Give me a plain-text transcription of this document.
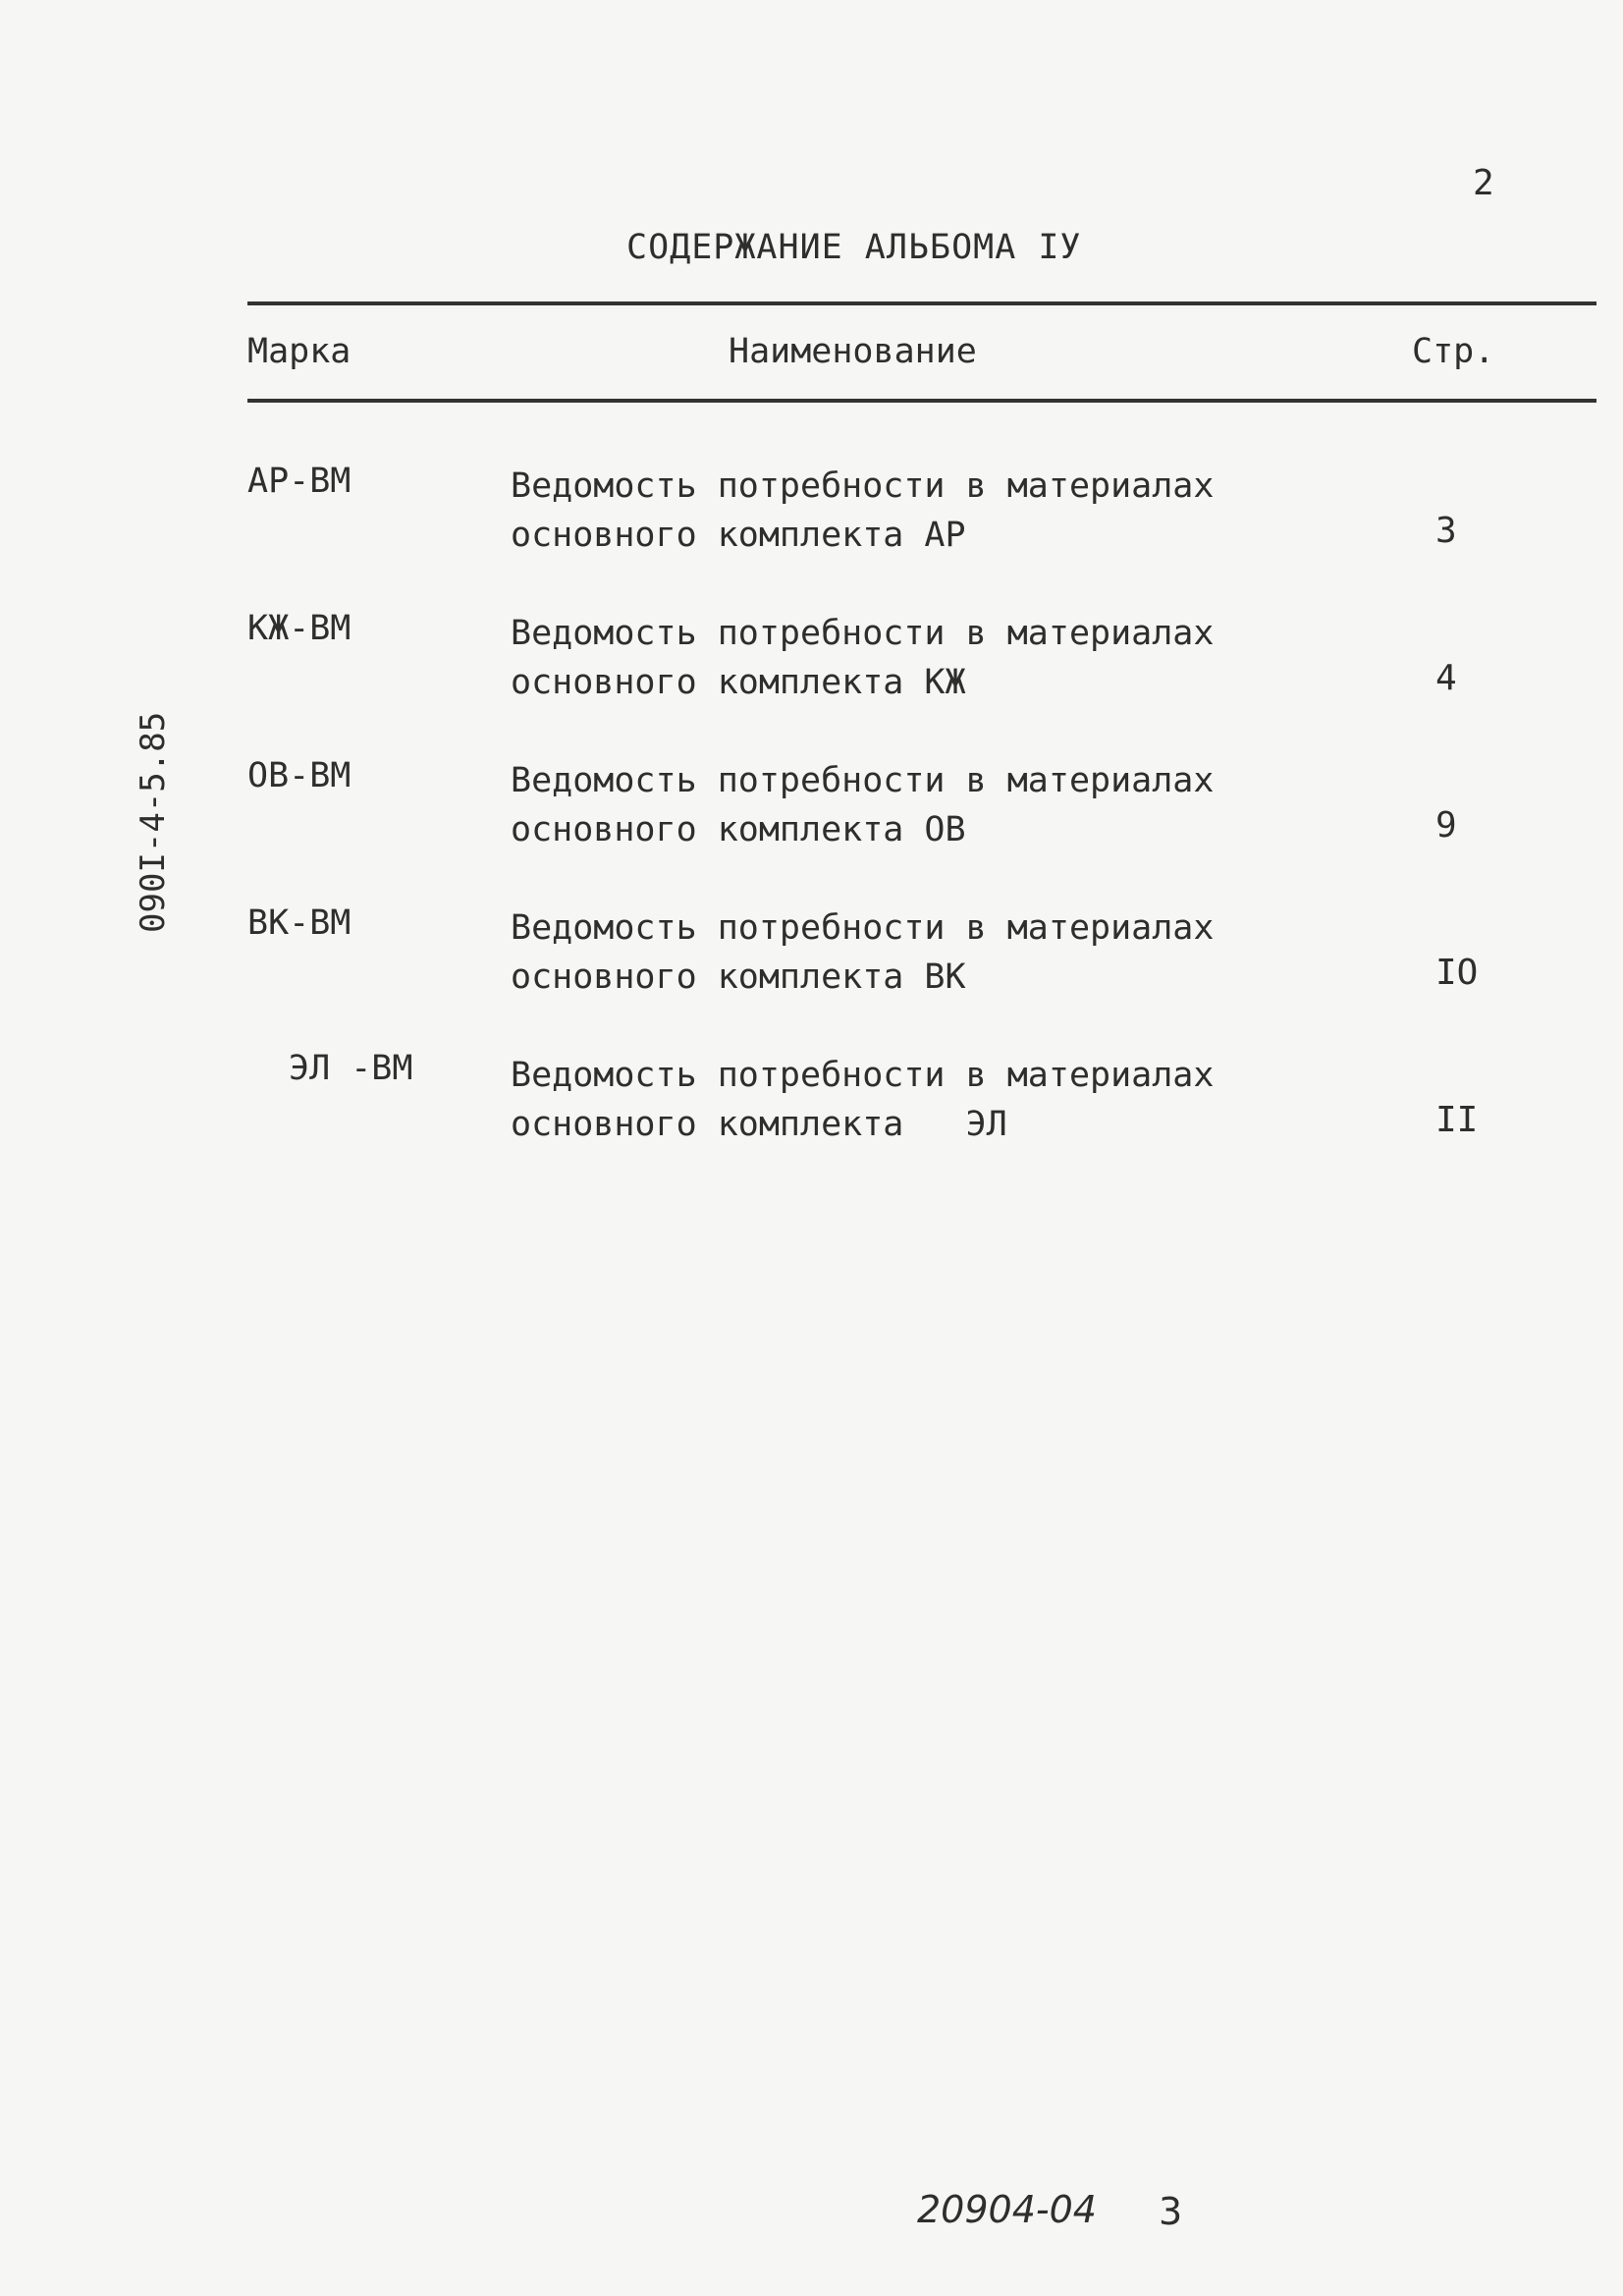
2
СОДЕРЖАНИЕ АЛЬБОМА IУ
090I-4-5.85
Марка	Наименование	Стр.
АР-ВМ	Ведомость потребности в материалах
основного комплекта АР	3
КЖ-ВМ	Ведомость потребности в материалах
основного комплекта КЖ	4
ОВ-ВМ	Ведомость потребности в материалах
основного комплекта ОВ	9
ВК-ВМ	Ведомость потребности в материалах
основного комплекта ВК	IO
ЭЛ -ВМ	Ведомость потребности в материалах
основного комплекта   ЭЛ	II
20904-04 3
